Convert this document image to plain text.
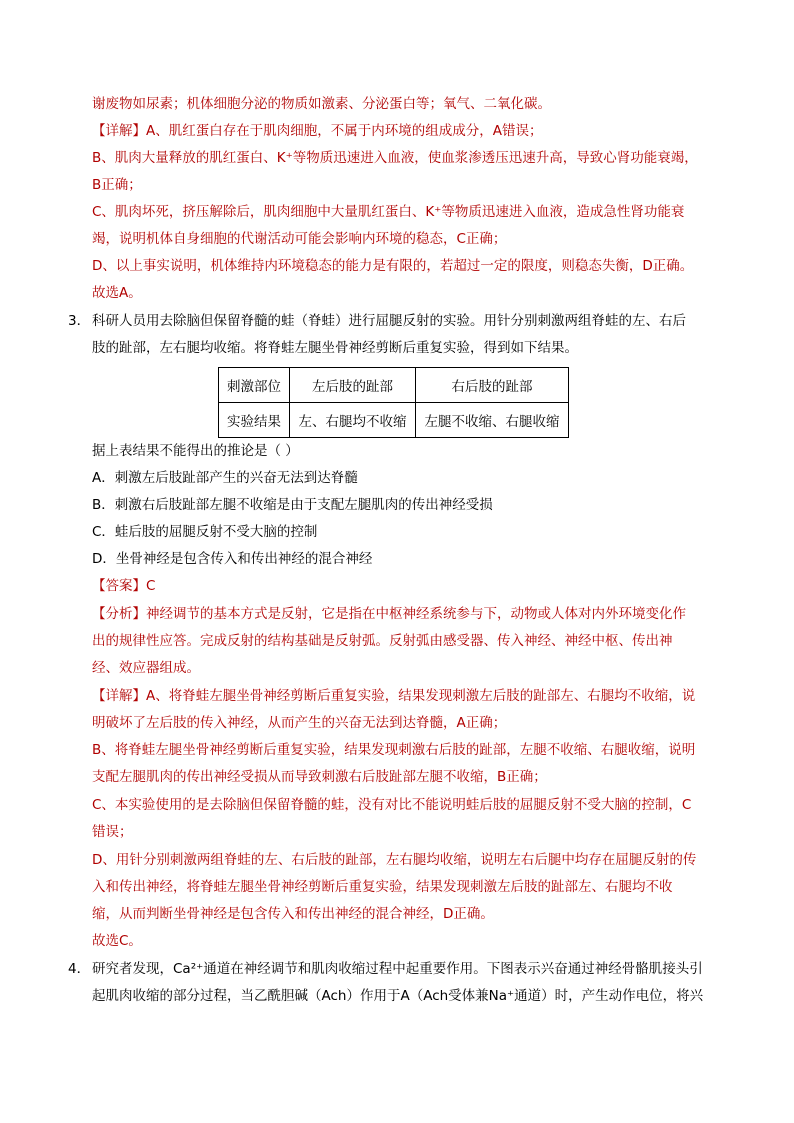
谢废物如尿素；机体细胞分泌的物质如激素、分泌蛋白等；氧气、二氧化碳。
【详解】A、肌红蛋白存在于肌肉细胞，不属于内环境的组成成分，A错误；
B、肌肉大量释放的肌红蛋白、K⁺等物质迅速进入血液，使血浆渗透压迅速升高，导致心肾功能衰竭，
B正确；
C、肌肉坏死，挤压解除后，肌肉细胞中大量肌红蛋白、K⁺等物质迅速进入血液，造成急性肾功能衰
竭，说明机体自身细胞的代谢活动可能会影响内环境的稳态，C正确；
D、以上事实说明，机体维持内环境稳态的能力是有限的，若超过一定的限度，则稳态失衡，D正确。
故选A。
3． 科研人员用去除脑但保留脊髓的蛙（脊蛙）进行屈腿反射的实验。用针分别刺激两组脊蛙的左、右后
肢的趾部，左右腿均收缩。将脊蛙左腿坐骨神经剪断后重复实验，得到如下结果。
刺激部位	左后肢的趾部	右后肢的趾部
实验结果	左、右腿均不收缩	左腿不收缩、右腿收缩
据上表结果不能得出的推论是（ ）
A．刺激左后肢趾部产生的兴奋无法到达脊髓
B．刺激右后肢趾部左腿不收缩是由于支配左腿肌肉的传出神经受损
C．蛙后肢的屈腿反射不受大脑的控制
D．坐骨神经是包含传入和传出神经的混合神经
【答案】C
【分析】神经调节的基本方式是反射，它是指在中枢神经系统参与下，动物或人体对内外环境变化作
出的规律性应答。完成反射的结构基础是反射弧。反射弧由感受器、传入神经、神经中枢、传出神
经、效应器组成。
【详解】A、将脊蛙左腿坐骨神经剪断后重复实验，结果发现刺激左后肢的趾部左、右腿均不收缩，说
明破坏了左后肢的传入神经，从而产生的兴奋无法到达脊髓，A正确；
B、将脊蛙左腿坐骨神经剪断后重复实验，结果发现刺激右后肢的趾部，左腿不收缩、右腿收缩，说明
支配左腿肌肉的传出神经受损从而导致刺激右后肢趾部左腿不收缩，B正确；
C、本实验使用的是去除脑但保留脊髓的蛙，没有对比不能说明蛙后肢的屈腿反射不受大脑的控制，C
错误；
D、用针分别刺激两组脊蛙的左、右后肢的趾部，左右腿均收缩，说明左右后腿中均存在屈腿反射的传
入和传出神经，将脊蛙左腿坐骨神经剪断后重复实验，结果发现刺激左后肢的趾部左、右腿均不收
缩，从而判断坐骨神经是包含传入和传出神经的混合神经，D正确。
故选C。
4． 研究者发现，Ca²⁺通道在神经调节和肌肉收缩过程中起重要作用。下图表示兴奋通过神经骨骼肌接头引
起肌肉收缩的部分过程，当乙酰胆碱（Ach）作用于A（Ach受体兼Na⁺通道）时，产生动作电位，将兴
